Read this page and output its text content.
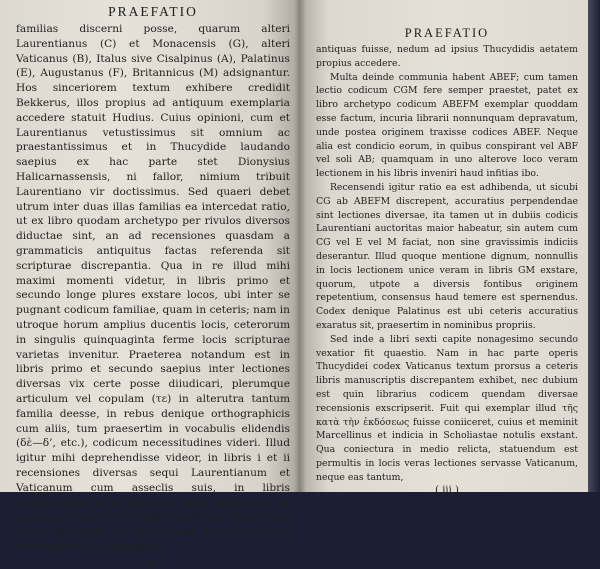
PRAEFATIO

familias discerni posse, quarum alteri Laurentianus (C) et Monacensis (G), alteri Vaticanus (B), Italus sive Cisalpinus (A), Palatinus (E), Augustanus (F), Britannicus (M) adsignantur. Hos sinceriorem textum exhibere credidit Bekkerus, illos propius ad antiquum exemplaria accedere statuit Hudius. Cuius opinioni, cum et Laurentianus vetustissimus sit omnium ac praestantissimus et in Thucydide laudando saepius ex hac parte stet Dionysius Halicarnassensis, ni fallor, nimium tribuit Laurentiano vir doctissimus. Sed quaeri debet utrum inter duas illas familias ea intercedat ratio, ut ex libro quodam archetypo per rivulos diversos diductae sint, an ad recensiones quasdam a grammaticis antiquitus factas referenda sit scripturae discrepantia. Qua in re illud mihi maximi momenti videtur, in libris primo et secundo longe plures exstare locos, ubi inter se pugnant codicum familiae, quam in ceteris; nam in utroque horum amplius ducentis locis, ceterorum in singulis quinquaginta ferme locis scripturae varietas invenitur. Praeterea notandum est in libris primo et secundo saepius inter lectiones diversas vix certe posse diiudicari, plerumque articulum vel copulam (τε) in alterutra tantum familia deesse, in rebus denique orthographicis cum aliis, tum praesertim in vocabulis elidendis (δὲ—δ’, etc.), codicum necessitudines videri. Illud igitur mihi deprehendisse videor, in libris i et ii recensiones diversas sequi Laurentianum et Vaticanum cum asseclis suis, in libris posterioribus ita a communi fonte defluxisse, ut plerumque alterutra familia manifesta librariorum culpa depravata sit. Non tamen affirmare ausim recensiones illas admodum

( ii )
PRAEFATIO

antiquas fuisse, nedum ad ipsius Thucydidis aetatem propius accedere.

Multa deinde communia habent ABEF; cum tamen lectio codicum CGM fere semper praestet, patet ex libro archetypo codicum ABEFM exemplar quoddam esse factum, incuria librarii nonnunquam depravatum, unde postea originem traxisse codices ABEF. Neque alia est condicio eorum, in quibus conspirant vel ABF vel soli AB; quamquam in uno alterove loco veram lectionem in his libris inveniri haud infitias ibo.

Recensendi igitur ratio ea est adhibenda, ut sicubi CG ab ABEFM discrepent, accuratius perpendendae sint lectiones diversae, ita tamen ut in dubiis codicis Laurentiani auctoritas maior habeatur, sin autem cum CG vel E vel M faciat, non sine gravissimis indiciis deserantur. Illud quoque mentione dignum, nonnullis in locis lectionem unice veram in libris GM exstare, quorum, utpote a diversis fontibus originem repetentium, consensus haud temere est spernendus. Codex denique Palatinus est ubi ceteris accuratius exaratus sit, praesertim in nominibus propriis.

Sed inde a libri sexti capite nonagesimo secundo vexatior fit quaestio. Nam in hac parte operis Thucydidei codex Vaticanus textum prorsus a ceteris libris manuscriptis discrepantem exhibet, nec dubium est quin librarius codicem quendam diversae recensionis exscripserit. Fuit qui exemplar illud τῆς κατὰ τὴν ἐκδόσεως fuisse coniiceret, cuius et meminit Marcellinus et indicia in Scholiastae notulis exstant. Qua coniectura in medio relicta, statuendum est permultis in locis veras lectiones servasse Vaticanum, neque eas tantum,

( iii )
